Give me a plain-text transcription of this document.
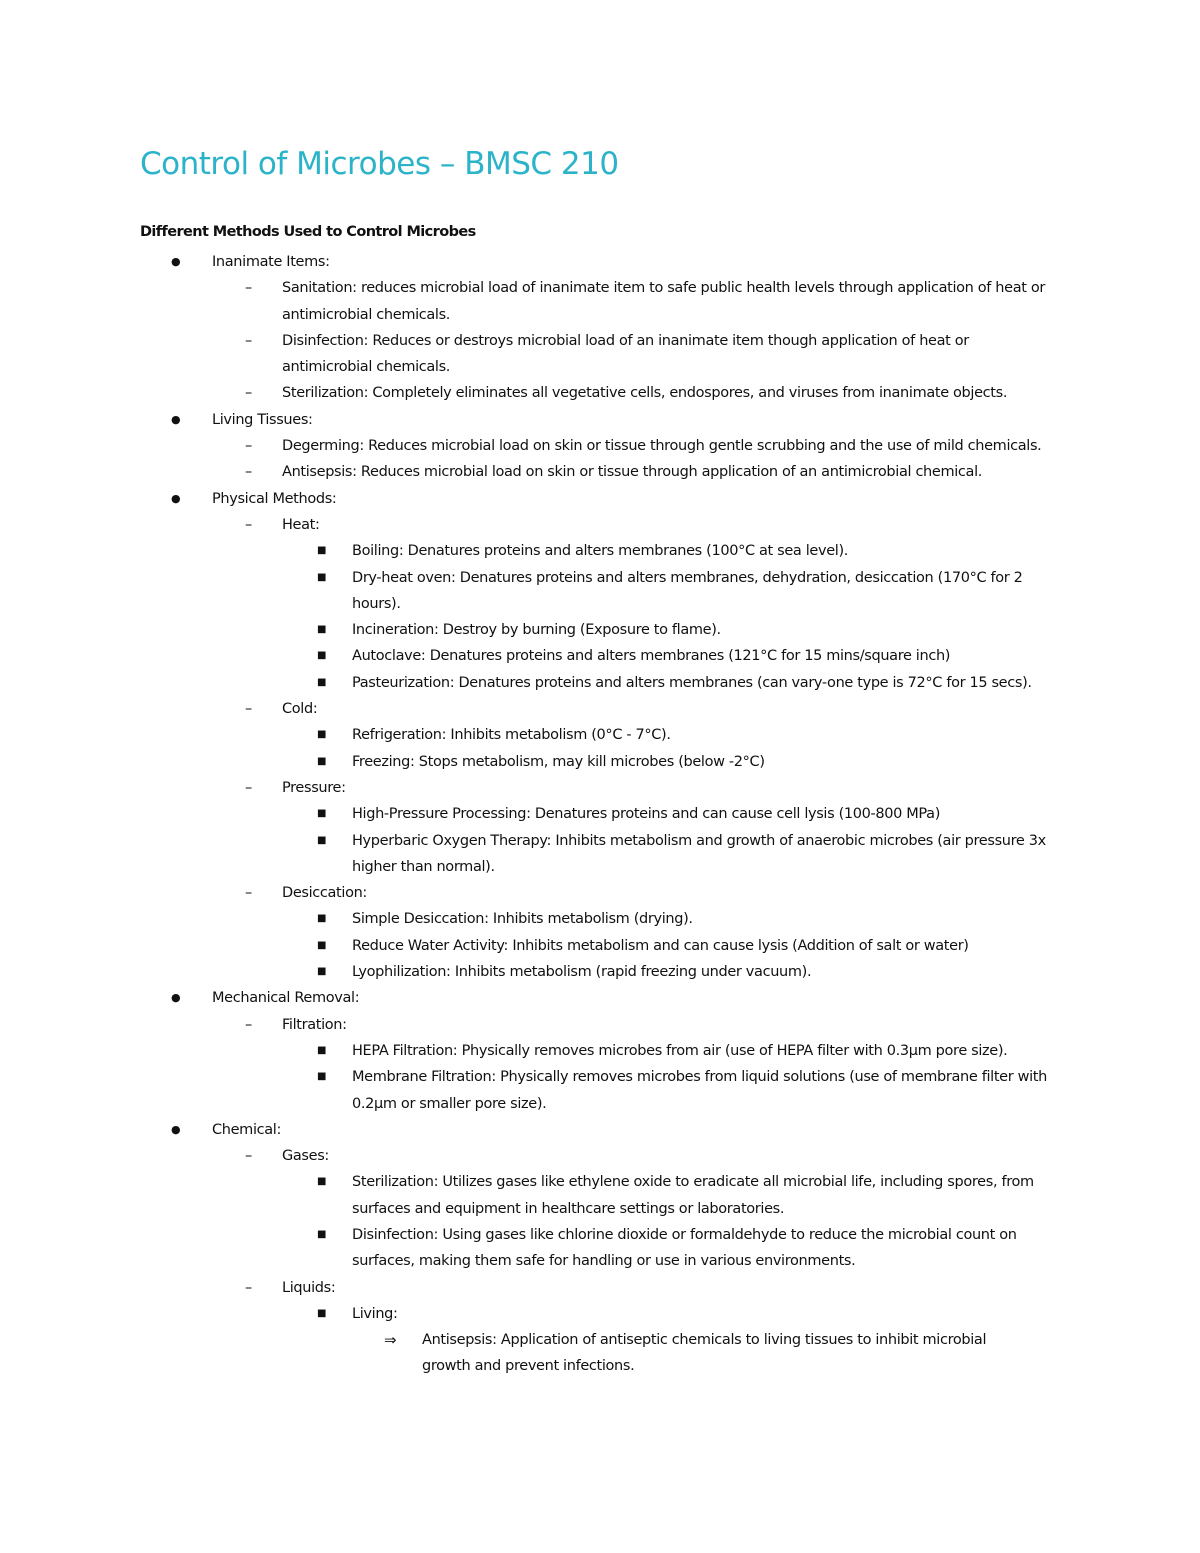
Control of Microbes – BMSC 210
Different Methods Used to Control Microbes
● Inanimate Items:
– Sanitation: reduces microbial load of inanimate item to safe public health levels through application of heat or antimicrobial chemicals.
– Disinfection: Reduces or destroys microbial load of an inanimate item though application of heat or antimicrobial chemicals.
– Sterilization: Completely eliminates all vegetative cells, endospores, and viruses from inanimate objects.
● Living Tissues:
– Degerming: Reduces microbial load on skin or tissue through gentle scrubbing and the use of mild chemicals.
– Antisepsis: Reduces microbial load on skin or tissue through application of an antimicrobial chemical.
● Physical Methods:
– Heat:
■ Boiling: Denatures proteins and alters membranes (100°C at sea level).
■ Dry-heat oven: Denatures proteins and alters membranes, dehydration, desiccation (170°C for 2 hours).
■ Incineration: Destroy by burning (Exposure to flame).
■ Autoclave: Denatures proteins and alters membranes (121°C for 15 mins/square inch)
■ Pasteurization: Denatures proteins and alters membranes (can vary-one type is 72°C for 15 secs).
– Cold:
■ Refrigeration: Inhibits metabolism (0°C - 7°C).
■ Freezing: Stops metabolism, may kill microbes (below -2°C)
– Pressure:
■ High-Pressure Processing: Denatures proteins and can cause cell lysis (100-800 MPa)
■ Hyperbaric Oxygen Therapy: Inhibits metabolism and growth of anaerobic microbes (air pressure 3x higher than normal).
– Desiccation:
■ Simple Desiccation: Inhibits metabolism (drying).
■ Reduce Water Activity: Inhibits metabolism and can cause lysis (Addition of salt or water)
■ Lyophilization: Inhibits metabolism (rapid freezing under vacuum).
● Mechanical Removal:
– Filtration:
■ HEPA Filtration: Physically removes microbes from air (use of HEPA filter with 0.3µm pore size).
■ Membrane Filtration: Physically removes microbes from liquid solutions (use of membrane filter with 0.2µm or smaller pore size).
● Chemical:
– Gases:
■ Sterilization: Utilizes gases like ethylene oxide to eradicate all microbial life, including spores, from surfaces and equipment in healthcare settings or laboratories.
■ Disinfection: Using gases like chlorine dioxide or formaldehyde to reduce the microbial count on surfaces, making them safe for handling or use in various environments.
– Liquids:
■ Living:
⇒ Antisepsis: Application of antiseptic chemicals to living tissues to inhibit microbial growth and prevent infections.
